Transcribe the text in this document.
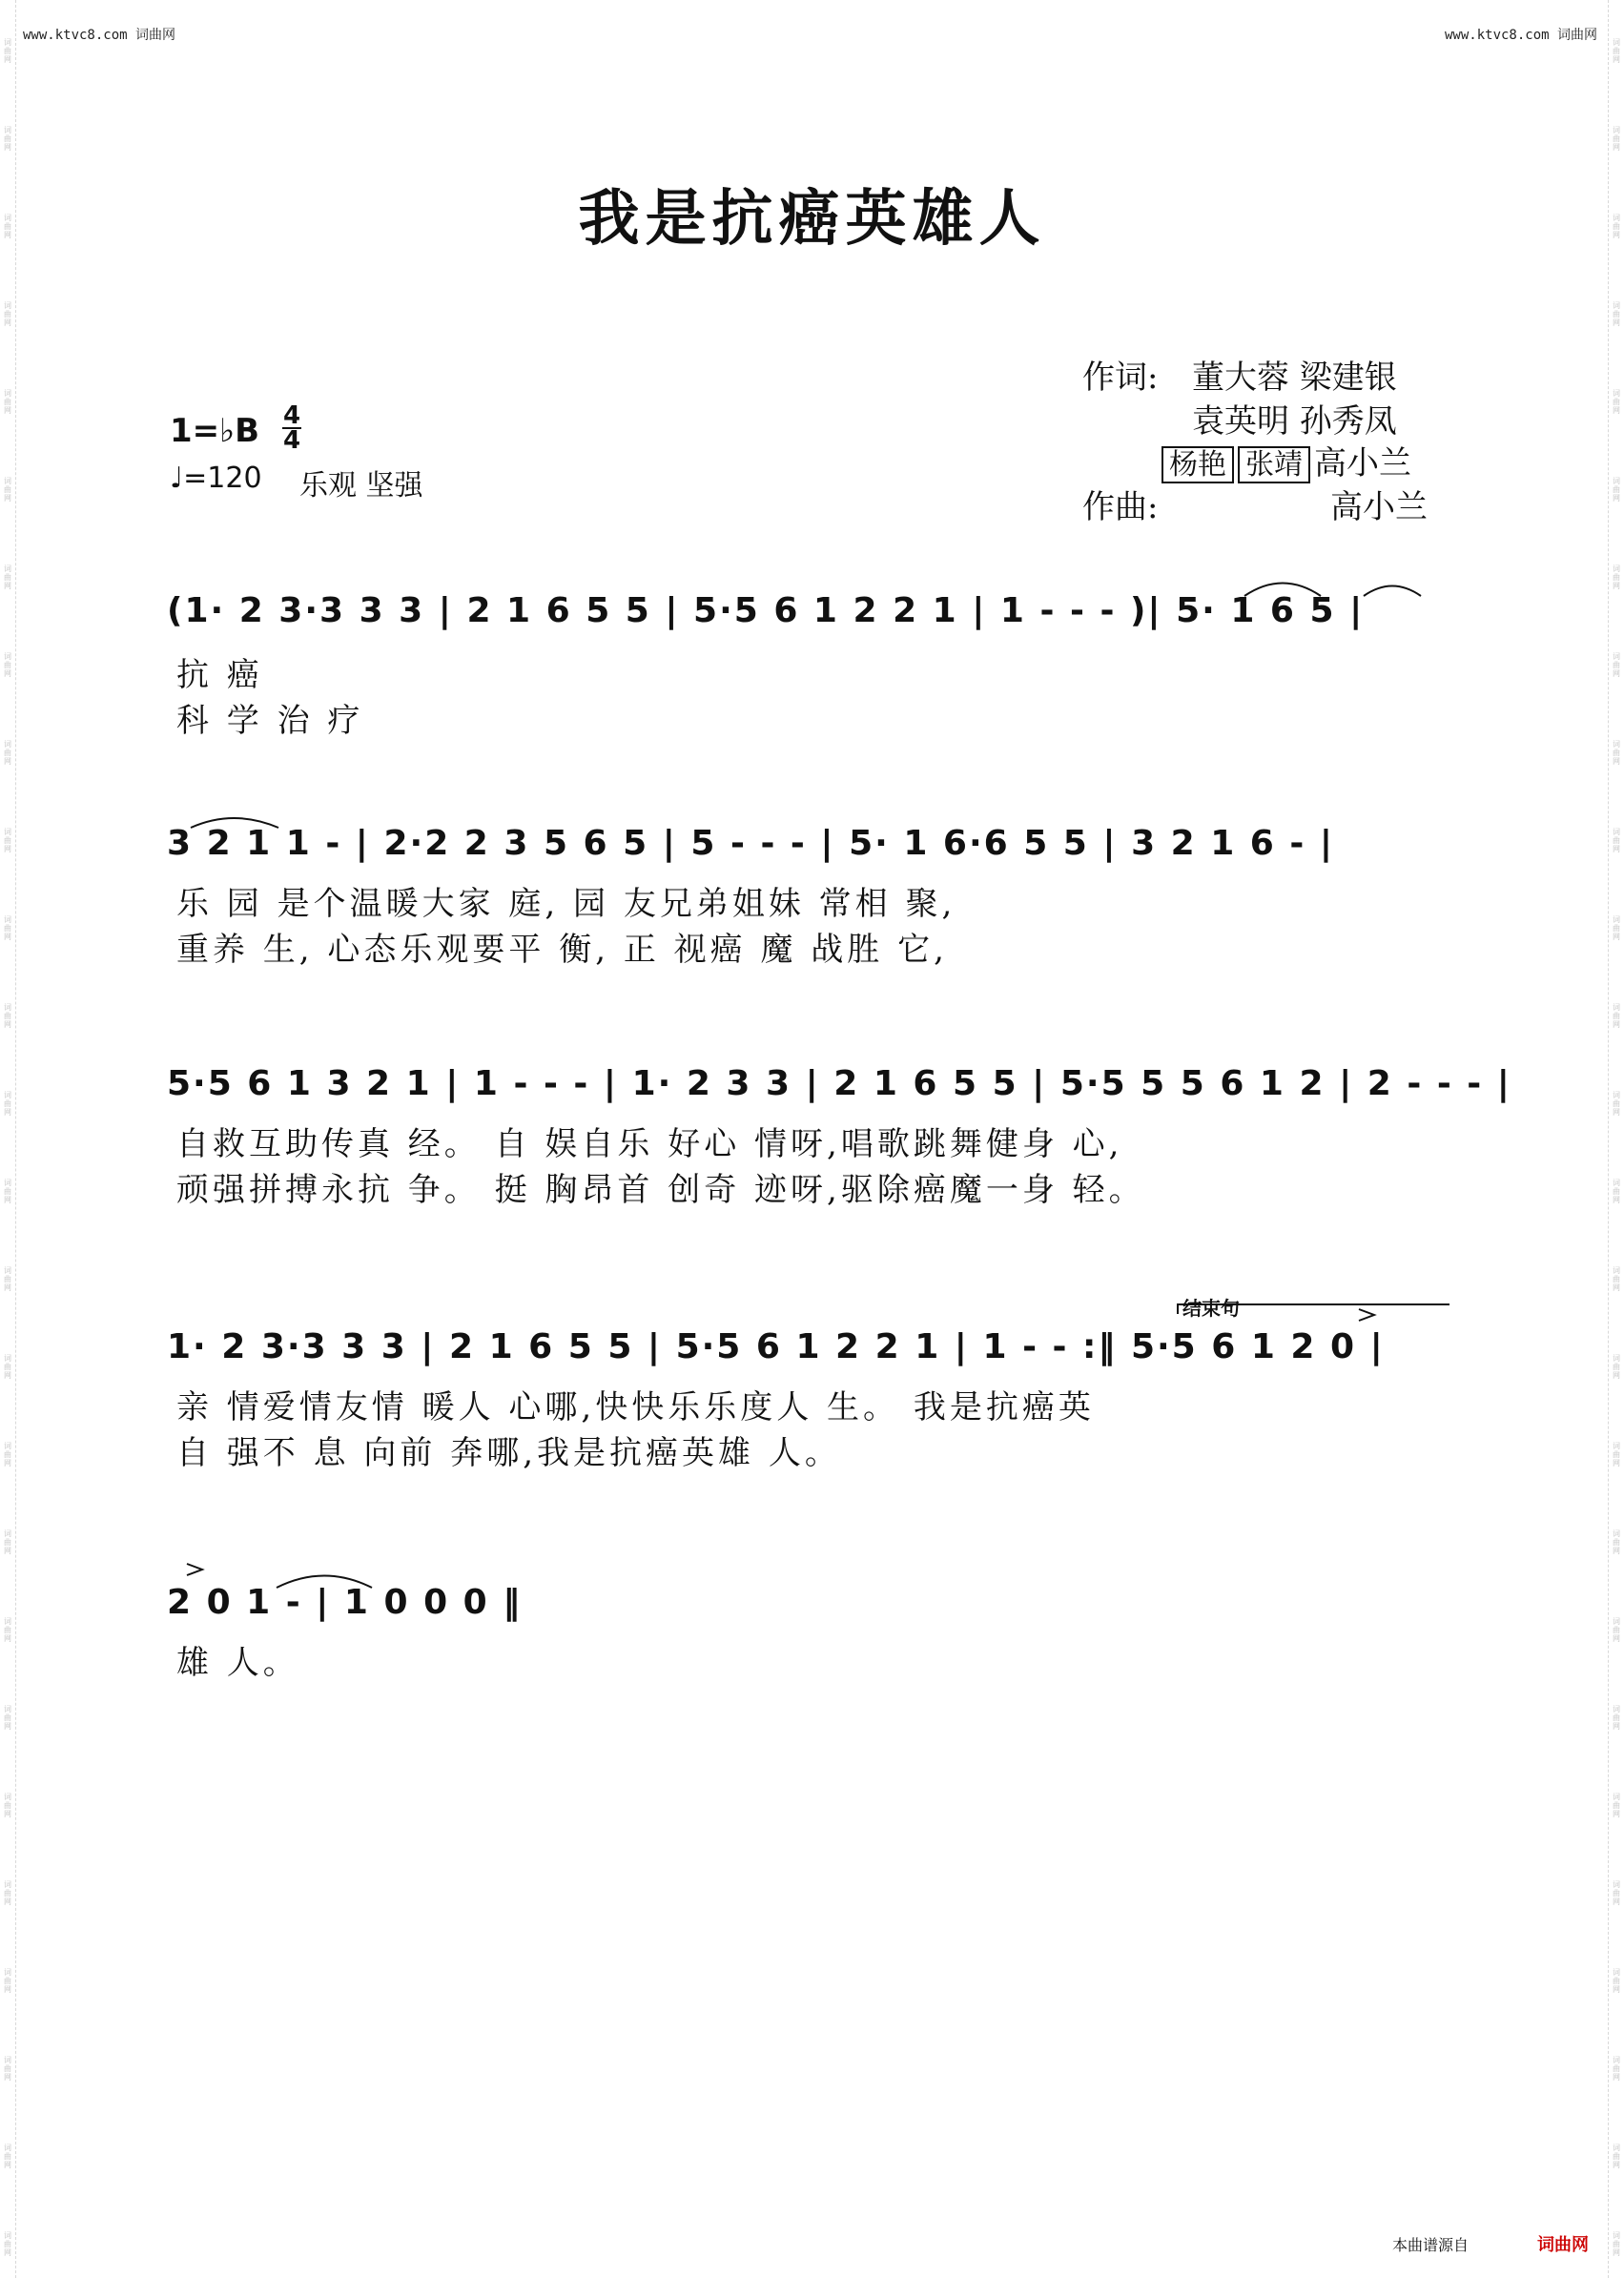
www.ktvc8.com 词曲网	www.ktvc8.com 词曲网
我是抗癌英雄人
1=♭B 4
4
♩=120 乐观 坚强
作词: 董大蓉 梁建银
袁英明 孙秀凤
杨艳 张靖 高小兰
作曲:	高小兰
(1· 2 3·3 3 3 | 2 1 6 5 5 | 5·5 6 1 2 2 1 | 1 - - - )| 5· 1 6 5 |
抗 癌
科 学 治 疗
3 2 1 1 - | 2·2 2 3 5 6 5 | 5 - - - | 5· 1 6·6 5 5 | 3 2 1 6 - |
乐 园 是个温暖大家 庭, 园 友兄弟姐妹 常相 聚,
重养 生, 心态乐观要平 衡, 正 视癌 魔 战胜 它,
5·5 6 1 3 2 1 | 1 - - - | 1· 2 3 3 | 2 1 6 5 5 | 5·5 5 5 6 1 2 | 2 - - - |
自救互助传真 经。 自 娱自乐 好心 情呀,唱歌跳舞健身 心,
顽强拼搏永抗 争。 挺 胸昂首 创奇 迹呀,驱除癌魔一身 轻。
结束句
1· 2 3·3 3 3 | 2 1 6 5 5 | 5·5 6 1 2 2 1 | 1 - - :‖ 5·5 6 1 2 0 |
亲 情爱情友情 暖人 心哪,快快乐乐度人 生。 我是抗癌英
自 强不 息 向前 奔哪,我是抗癌英雄 人。
2 0 1 - | 1 0 0 0 ‖
雄 人。
本曲谱源自	词曲网
词
曲
网
词
曲
网
词
曲
网
词
曲
网
词
曲
网
词
曲
网
词
曲
网
词
曲
网
词
曲
网
词
曲
网
词
曲
网
词
曲
网
词
曲
网
词
曲
网
词
曲
网
词
曲
网
词
曲
网
词
曲
网
词
曲
网
词
曲
网
词
曲
网
词
曲
网
词
曲
网
词
曲
网
词
曲
网
词
曲
网
词
曲
网
词
曲
网
词
曲
网
词
曲
网
词
曲
网
词
曲
网
词
曲
网
词
曲
网
词
曲
网
词
曲
网
词
曲
网
词
曲
网
词
曲
网
词
曲
网
词
曲
网
词
曲
网
词
曲
网
词
曲
网
词
曲
网
词
曲
网
词
曲
网
词
曲
网
词
曲
网
词
曲
网
词
曲
网
词
曲
网
